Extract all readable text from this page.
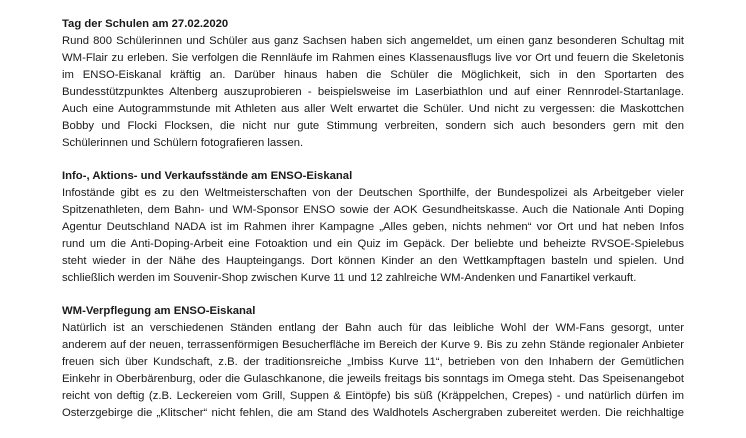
Tag der Schulen am 27.02.2020

Rund 800 Schülerinnen und Schüler aus ganz Sachsen haben sich angemeldet, um einen ganz besonderen Schultag mit

WM-Flair zu erleben. Sie verfolgen die Rennläufe im Rahmen eines Klassenausflugs live vor Ort und feuern die Skeletonis

im ENSO-Eiskanal kräftig an. Darüber hinaus haben die Schüler die Möglichkeit, sich in den Sportarten des

Bundesstützpunktes Altenberg auszuprobieren - beispielsweise im Laserbiathlon und auf einer Rennrodel-Startanlage.

Auch eine Autogrammstunde mit Athleten aus aller Welt erwartet die Schüler. Und nicht zu vergessen: die Maskottchen

Bobby und Flocki Flocksen, die nicht nur gute Stimmung verbreiten, sondern sich auch besonders gern mit den

Schülerinnen und Schülern fotografieren lassen.

Info-, Aktions- und Verkaufsstände am ENSO-Eiskanal

Infostände gibt es zu den Weltmeisterschaften von der Deutschen Sporthilfe, der Bundespolizei als Arbeitgeber vieler

Spitzenathleten, dem Bahn- und WM-Sponsor ENSO sowie der AOK Gesundheitskasse. Auch die Nationale Anti Doping

Agentur Deutschland NADA ist im Rahmen ihrer Kampagne „Alles geben, nichts nehmen“ vor Ort und hat neben Infos

rund um die Anti-Doping-Arbeit eine Fotoaktion und ein Quiz im Gepäck. Der beliebte und beheizte RVSOE-Spielebus

steht wieder in der Nähe des Haupteingangs. Dort können Kinder an den Wettkampftagen basteln und spielen. Und

schließlich werden im Souvenir-Shop zwischen Kurve 11 und 12 zahlreiche WM-Andenken und Fanartikel verkauft.

WM-Verpflegung am ENSO-Eiskanal

Natürlich ist an verschiedenen Ständen entlang der Bahn auch für das leibliche Wohl der WM-Fans gesorgt, unter

anderem auf der neuen, terrassenförmigen Besucherfläche im Bereich der Kurve 9. Bis zu zehn Stände regionaler Anbieter

freuen sich über Kundschaft, z.B. der traditionsreiche „Imbiss Kurve 11“, betrieben von den Inhabern der Gemütlichen

Einkehr in Oberbärenburg, oder die Gulaschkanone, die jeweils freitags bis sonntags im Omega steht. Das Speisenangebot

reicht von deftig (z.B. Leckereien vom Grill, Suppen & Eintöpfe) bis süß (Kräppelchen, Crepes) - und natürlich dürfen im

Osterzgebirge die „Klitscher“ nicht fehlen, die am Stand des Waldhotels Aschergraben zubereitet werden. Die reichhaltige
